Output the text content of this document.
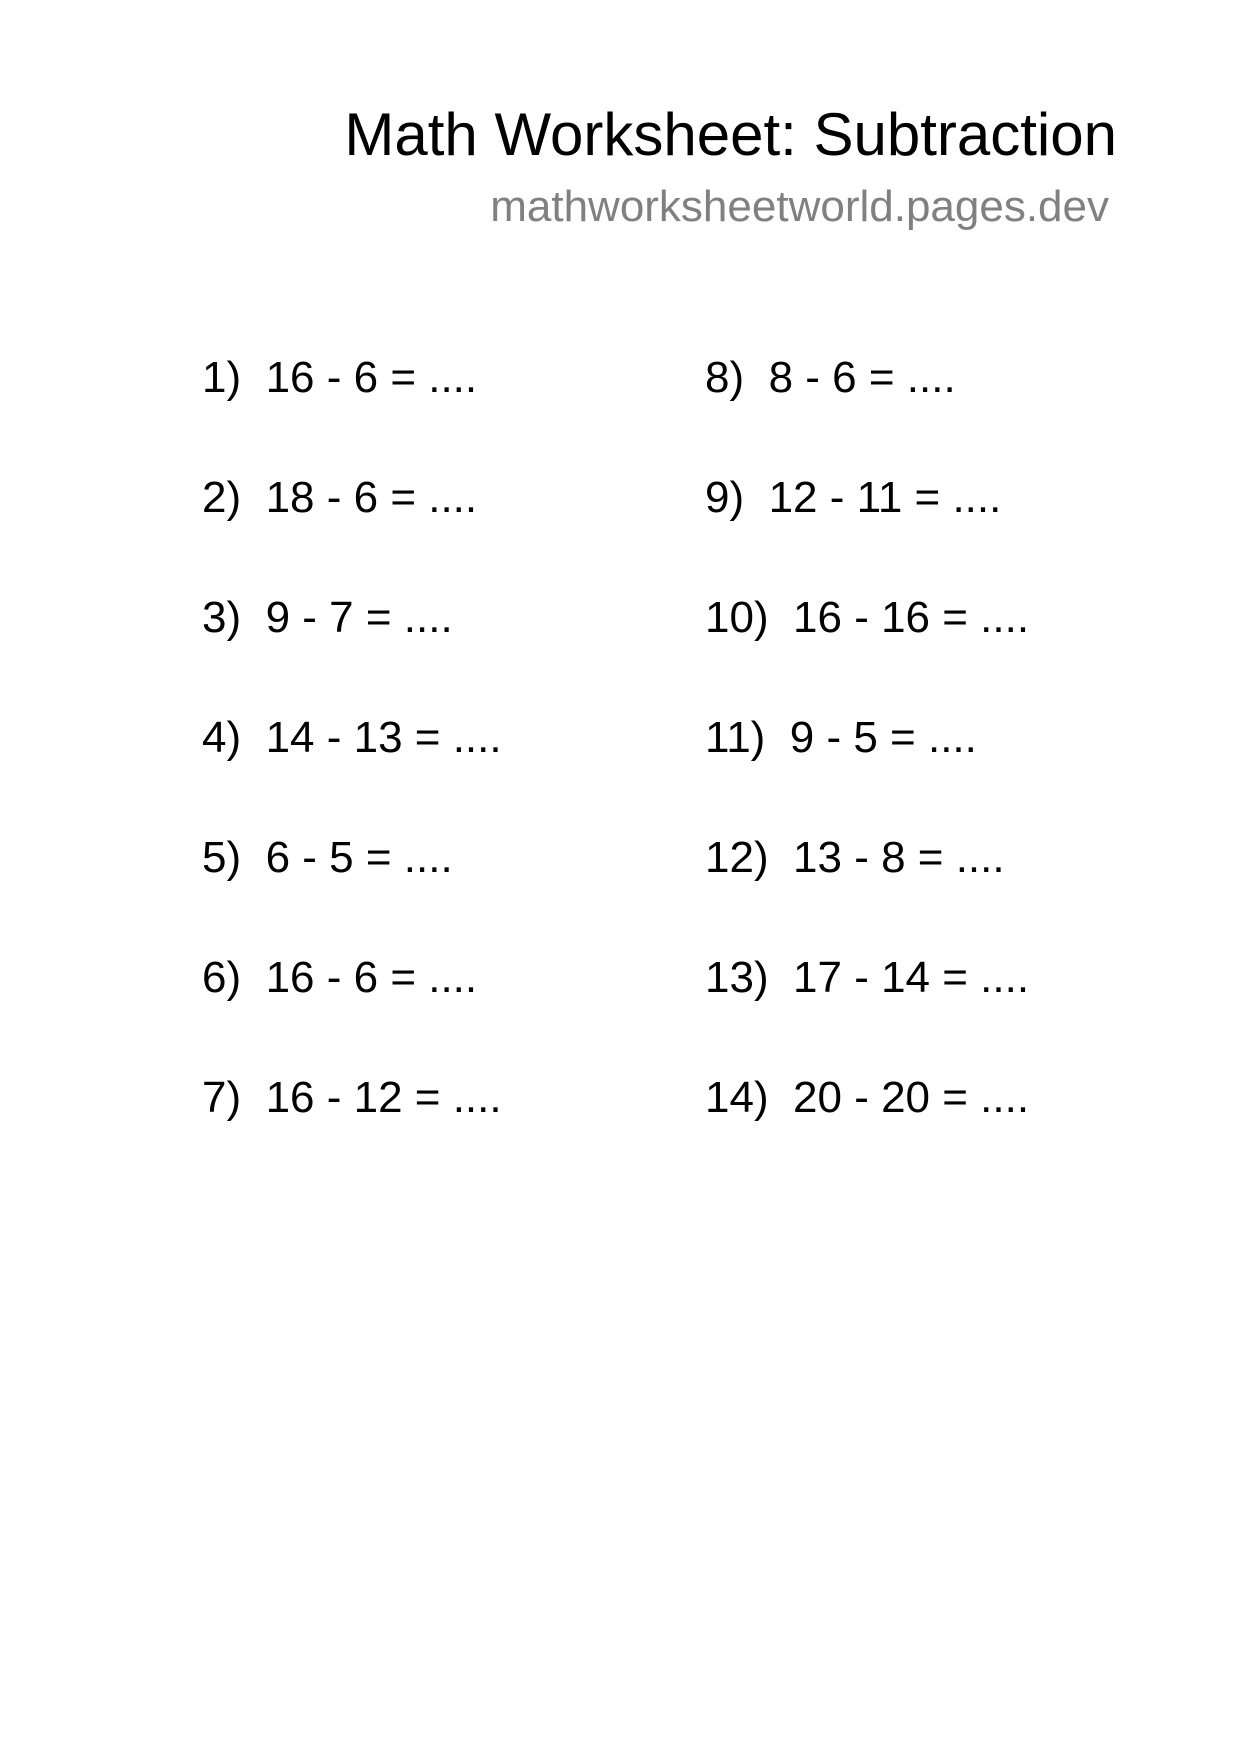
Math Worksheet: Subtraction
mathworksheetworld.pages.dev
1) 16 - 6 = ....
2) 18 - 6 = ....
3) 9 - 7 = ....
4) 14 - 13 = ....
5) 6 - 5 = ....
6) 16 - 6 = ....
7) 16 - 12 = ....
8) 8 - 6 = ....
9) 12 - 11 = ....
10) 16 - 16 = ....
11) 9 - 5 = ....
12) 13 - 8 = ....
13) 17 - 14 = ....
14) 20 - 20 = ....
